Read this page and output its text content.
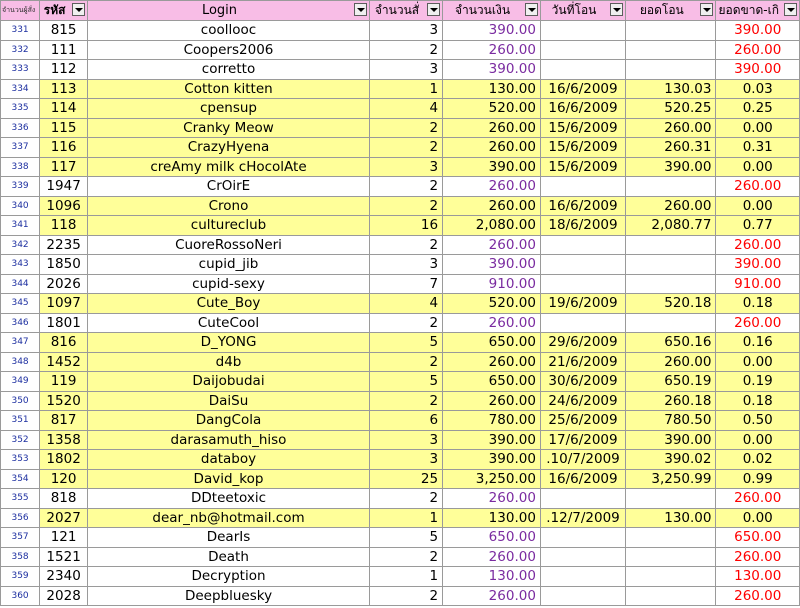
จำนวนผู้สั่ง	รหัส	Login	จำนวนสั่	จำนวนเงิน	วันที่โอน	ยอดโอน	ยอดขาด-เกิ

331	815	coollooc	3	390.00			390.00
332	111	Coopers2006	2	260.00			260.00
333	112	corretto	3	390.00			390.00
334	113	Cotton kitten	1	130.00	16/6/2009	130.03	0.03
335	114	cpensup	4	520.00	16/6/2009	520.25	0.25
336	115	Cranky Meow	2	260.00	15/6/2009	260.00	0.00
337	116	CrazyHyena	2	260.00	15/6/2009	260.31	0.31
338	117	creAmy milk cHocolAte	3	390.00	15/6/2009	390.00	0.00
339	1947	CrOirE	2	260.00			260.00
340	1096	Crono	2	260.00	16/6/2009	260.00	0.00
341	118	cultureclub	16	2,080.00	18/6/2009	2,080.77	0.77
342	2235	CuoreRossoNeri	2	260.00			260.00
343	1850	cupid_jib	3	390.00			390.00
344	2026	cupid-sexy	7	910.00			910.00
345	1097	Cute_Boy	4	520.00	19/6/2009	520.18	0.18
346	1801	CuteCool	2	260.00			260.00
347	816	D_YONG	5	650.00	29/6/2009	650.16	0.16
348	1452	d4b	2	260.00	21/6/2009	260.00	0.00
349	119	Daijobudai	5	650.00	30/6/2009	650.19	0.19
350	1520	DaiSu	2	260.00	24/6/2009	260.18	0.18
351	817	DangCola	6	780.00	25/6/2009	780.50	0.50
352	1358	darasamuth_hiso	3	390.00	17/6/2009	390.00	0.00
353	1802	databoy	3	390.00	.10/7/2009	390.02	0.02
354	120	David_kop	25	3,250.00	16/6/2009	3,250.99	0.99
355	818	DDteetoxic	2	260.00			260.00
356	2027	dear_nb@hotmail.com	1	130.00	.12/7/2009	130.00	0.00
357	121	DearIs	5	650.00			650.00
358	1521	Death	2	260.00			260.00
359	2340	Decryption	1	130.00			130.00
360	2028	Deepbluesky	2	260.00			260.00
